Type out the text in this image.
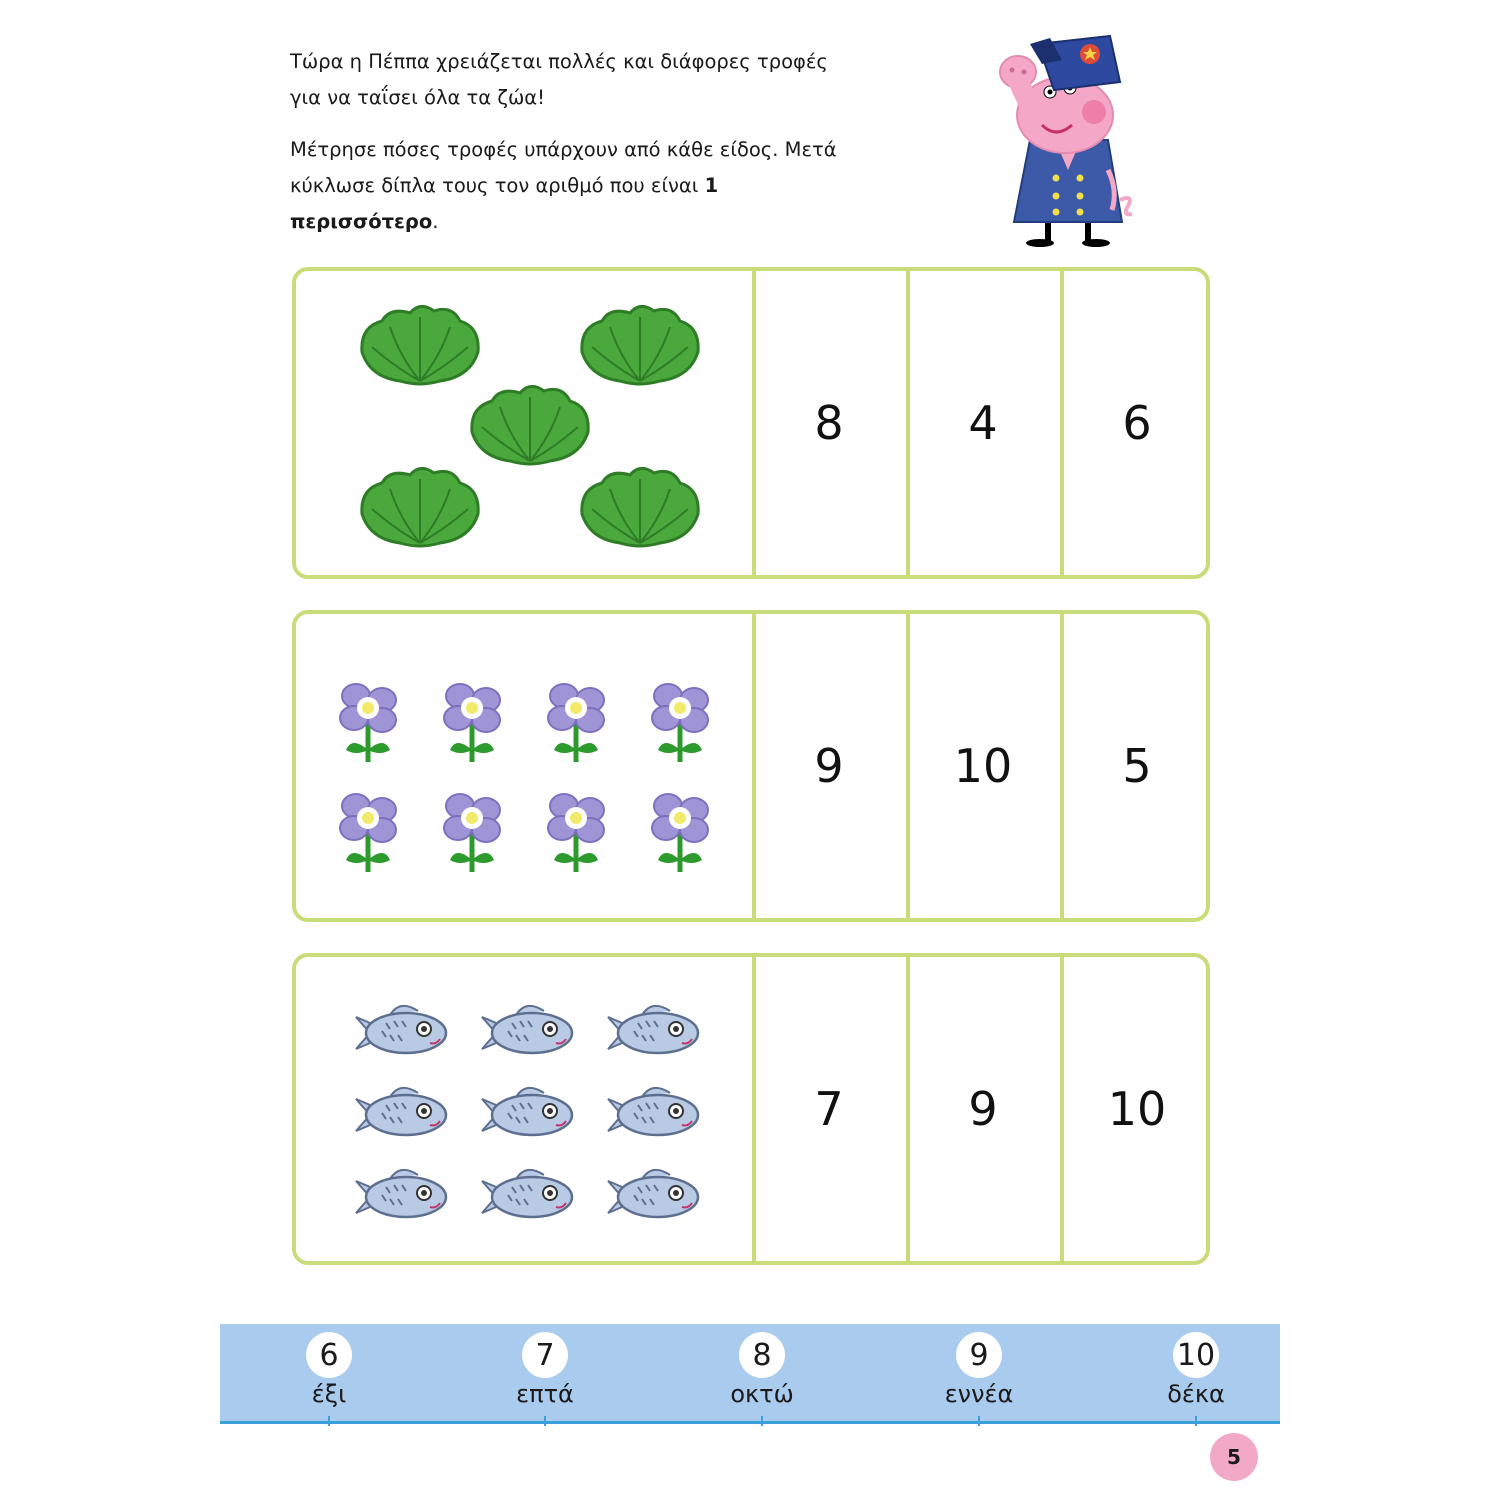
Τώρα η Πέππα χρειάζεται πολλές και διάφορες τροφές
για να ταΐσει όλα τα ζώα!

Μέτρησε πόσες τροφές υπάρχουν από κάθε είδος. Μετά
κύκλωσε δίπλα τους τον αριθμό που είναι 1 περισσότερο.

8	4	6
9	10	5
7	9	10
6
έξι
7
επτά
8
οκτώ
9
εννέα
10
δέκα
5
